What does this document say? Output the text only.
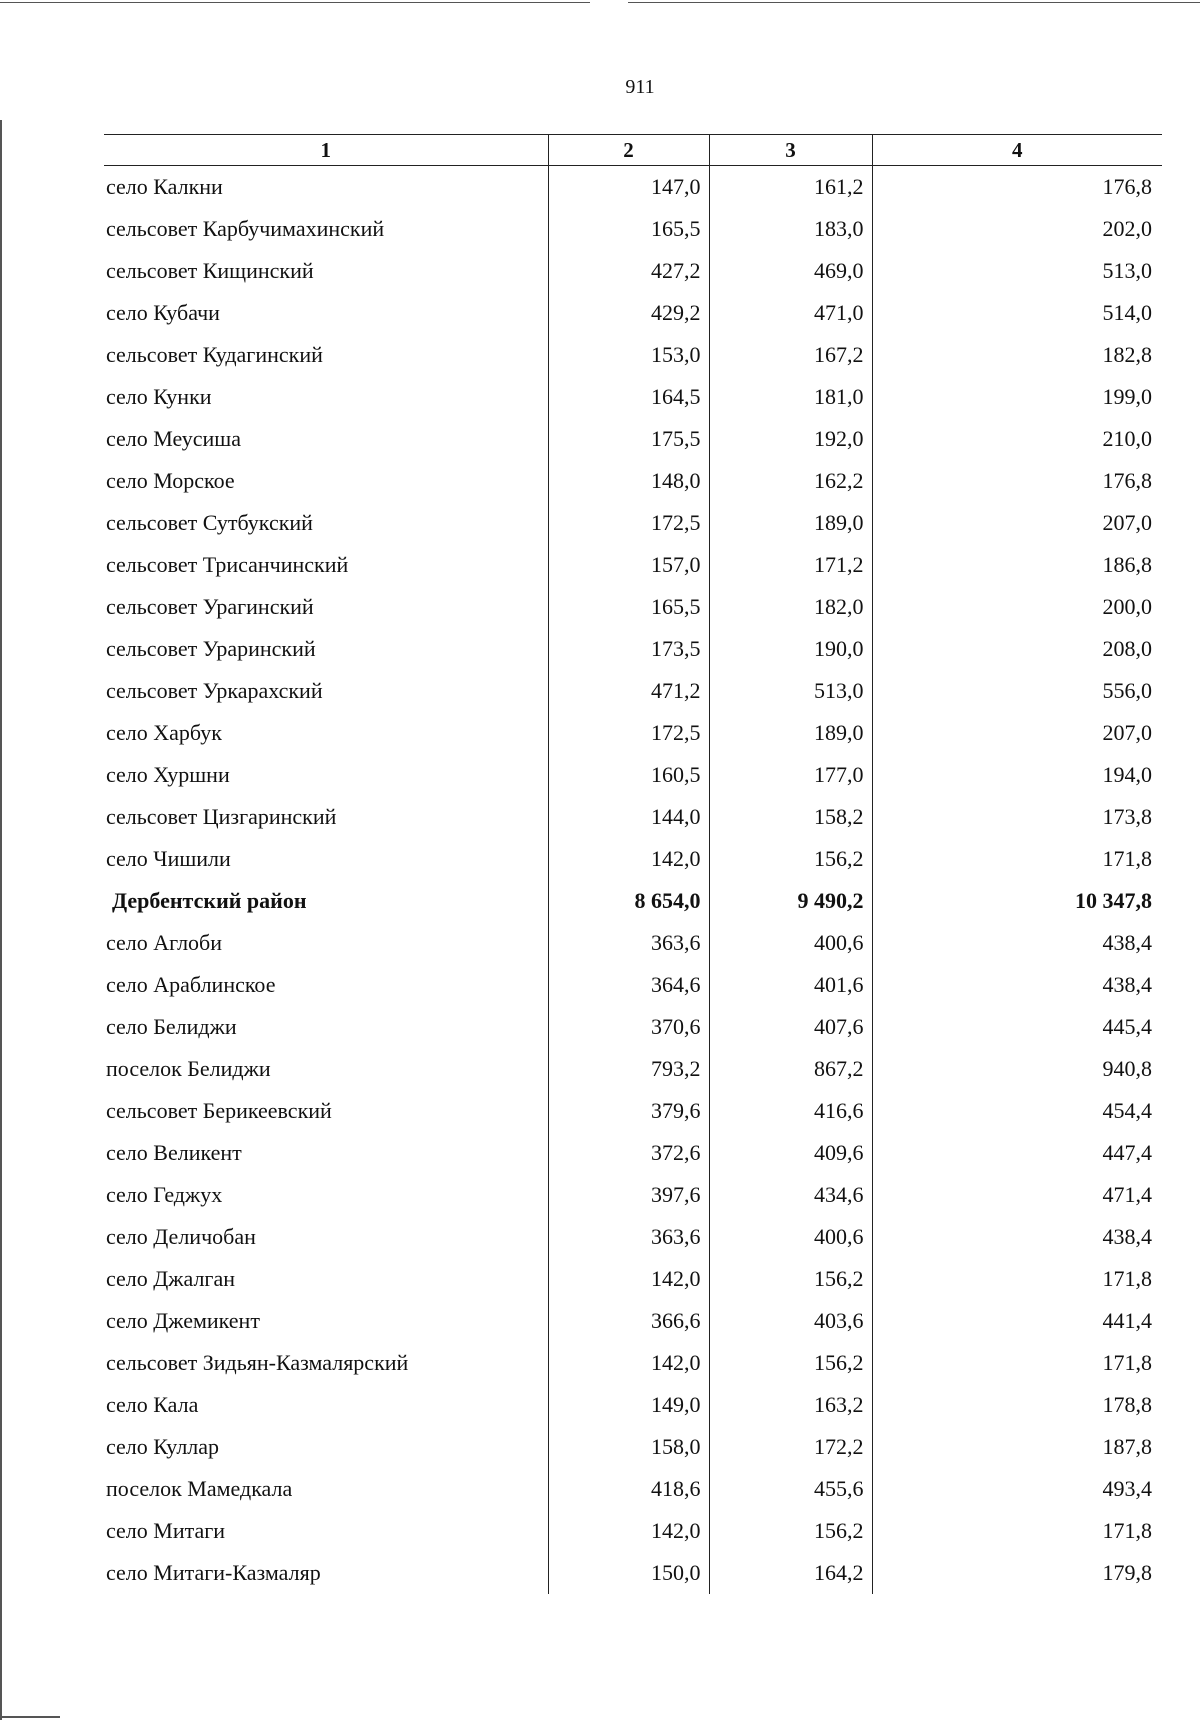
911
1	2	3	4
село Калкни	147,0	161,2	176,8
сельсовет Карбучимахинский	165,5	183,0	202,0
сельсовет Кищинский	427,2	469,0	513,0
село Кубачи	429,2	471,0	514,0
сельсовет Кудагинский	153,0	167,2	182,8
село Кунки	164,5	181,0	199,0
село Меусиша	175,5	192,0	210,0
село Морское	148,0	162,2	176,8
сельсовет Сутбукский	172,5	189,0	207,0
сельсовет Трисанчинский	157,0	171,2	186,8
сельсовет Урагинский	165,5	182,0	200,0
сельсовет Ураринский	173,5	190,0	208,0
сельсовет Уркарахский	471,2	513,0	556,0
село Харбук	172,5	189,0	207,0
село Хуршни	160,5	177,0	194,0
сельсовет Цизгаринский	144,0	158,2	173,8
село Чишили	142,0	156,2	171,8
Дербентский район	8 654,0	9 490,2	10 347,8
село Аглоби	363,6	400,6	438,4
село Араблинское	364,6	401,6	438,4
село Белиджи	370,6	407,6	445,4
поселок Белиджи	793,2	867,2	940,8
сельсовет Берикеевский	379,6	416,6	454,4
село Великент	372,6	409,6	447,4
село Геджух	397,6	434,6	471,4
село Деличобан	363,6	400,6	438,4
село Джалган	142,0	156,2	171,8
село Джемикент	366,6	403,6	441,4
сельсовет Зидьян-Казмалярский	142,0	156,2	171,8
село Кала	149,0	163,2	178,8
село Куллар	158,0	172,2	187,8
поселок Мамедкала	418,6	455,6	493,4
село Митаги	142,0	156,2	171,8
село Митаги-Казмаляр	150,0	164,2	179,8
